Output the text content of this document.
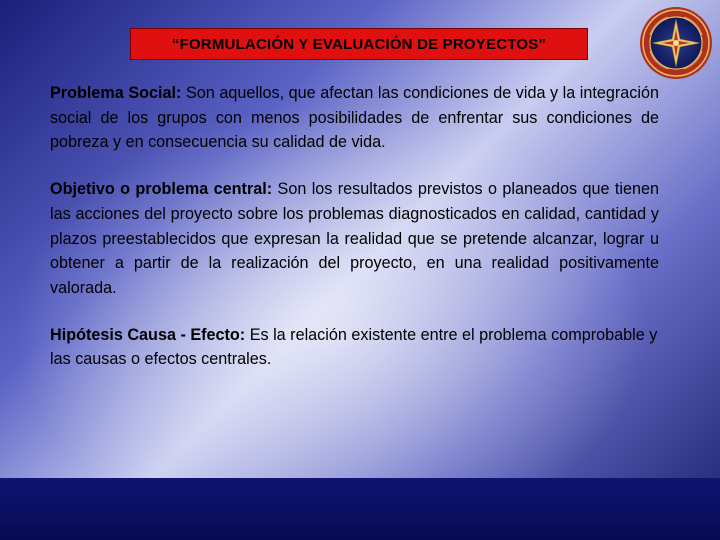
“FORMULACIÓN Y EVALUACIÓN DE PROYECTOS”

Problema Social: Son aquellos, que afectan las condiciones de vida y la integración social de los grupos con menos posibilidades de enfrentar sus condiciones de pobreza y en consecuencia su calidad de vida.

Objetivo o problema central: Son los resultados previstos o planeados que tienen las acciones del proyecto sobre los problemas diagnosticados en calidad, cantidad y plazos preestablecidos que expresan la realidad que se pretende alcanzar, lograr u obtener a partir de la realización del proyecto, en una realidad positivamente valorada.

Hipótesis Causa - Efecto: Es la relación existente entre el problema comprobable y las causas o efectos centrales.
